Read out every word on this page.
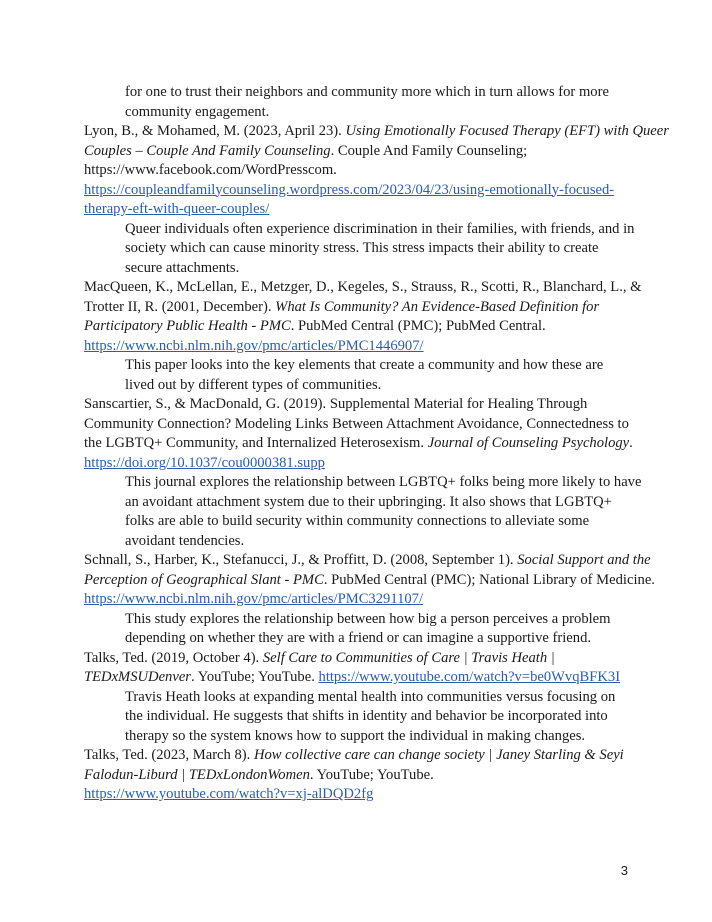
for one to trust their neighbors and community more which in turn allows for more
community engagement.
Lyon, B., & Mohamed, M. (2023, April 23). Using Emotionally Focused Therapy (EFT) with Queer
Couples – Couple And Family Counseling. Couple And Family Counseling;
https://www.facebook.com/WordPresscom.
https://coupleandfamilycounseling.wordpress.com/2023/04/23/using-emotionally-focused-
therapy-eft-with-queer-couples/
Queer individuals often experience discrimination in their families, with friends, and in
society which can cause minority stress. This stress impacts their ability to create
secure attachments.
MacQueen, K., McLellan, E., Metzger, D., Kegeles, S., Strauss, R., Scotti, R., Blanchard, L., &
Trotter II, R. (2001, December). What Is Community? An Evidence-Based Definition for
Participatory Public Health - PMC. PubMed Central (PMC); PubMed Central.
https://www.ncbi.nlm.nih.gov/pmc/articles/PMC1446907/
This paper looks into the key elements that create a community and how these are
lived out by different types of communities.
Sanscartier, S., & MacDonald, G. (2019). Supplemental Material for Healing Through
Community Connection? Modeling Links Between Attachment Avoidance, Connectedness to
the LGBTQ+ Community, and Internalized Heterosexism. Journal of Counseling Psychology.
https://doi.org/10.1037/cou0000381.supp
This journal explores the relationship between LGBTQ+ folks being more likely to have
an avoidant attachment system due to their upbringing. It also shows that LGBTQ+
folks are able to build security within community connections to alleviate some
avoidant tendencies.
Schnall, S., Harber, K., Stefanucci, J., & Proffitt, D. (2008, September 1). Social Support and the
Perception of Geographical Slant - PMC. PubMed Central (PMC); National Library of Medicine.
https://www.ncbi.nlm.nih.gov/pmc/articles/PMC3291107/
This study explores the relationship between how big a person perceives a problem
depending on whether they are with a friend or can imagine a supportive friend.
Talks, Ted. (2019, October 4). Self Care to Communities of Care | Travis Heath |
TEDxMSUDenver. YouTube; YouTube. https://www.youtube.com/watch?v=be0WvqBFK3I
Travis Heath looks at expanding mental health into communities versus focusing on
the individual. He suggests that shifts in identity and behavior be incorporated into
therapy so the system knows how to support the individual in making changes.
Talks, Ted. (2023, March 8). How collective care can change society | Janey Starling & Seyi
Falodun-Liburd | TEDxLondonWomen. YouTube; YouTube.
https://www.youtube.com/watch?v=xj-alDQD2fg
3
